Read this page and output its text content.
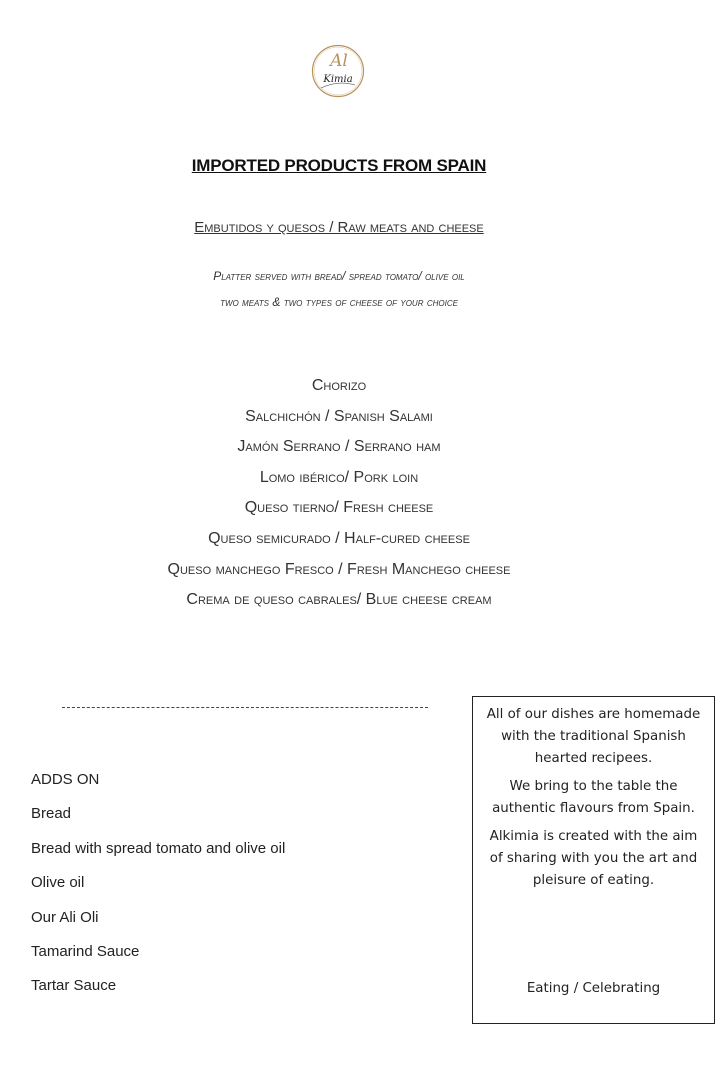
Al
Kimia
IMPORTED PRODUCTS FROM SPAIN
Embutidos y quesos / Raw meats and cheese
Platter served with bread/ spread tomato/ olive oil
two meats & two types of cheese of your choice
Chorizo
Salchichón / Spanish Salami
Jamón Serrano / Serrano ham
Lomo ibérico/ Pork loin
Queso tierno/ Fresh cheese
Queso semicurado / Half-cured cheese
Queso manchego Fresco / Fresh Manchego cheese
Crema de queso cabrales/ Blue cheese cream
ADDS ON
Bread
Bread with spread tomato and olive oil
Olive oil
Our Ali Oli
Tamarind Sauce
Tartar Sauce

All of our dishes are homemade with the traditional Spanish hearted recipees.

We bring to the table the authentic flavours from Spain.

Alkimia is created with the aim of sharing with you the art and pleisure of eating.

Eating / Celebrating
